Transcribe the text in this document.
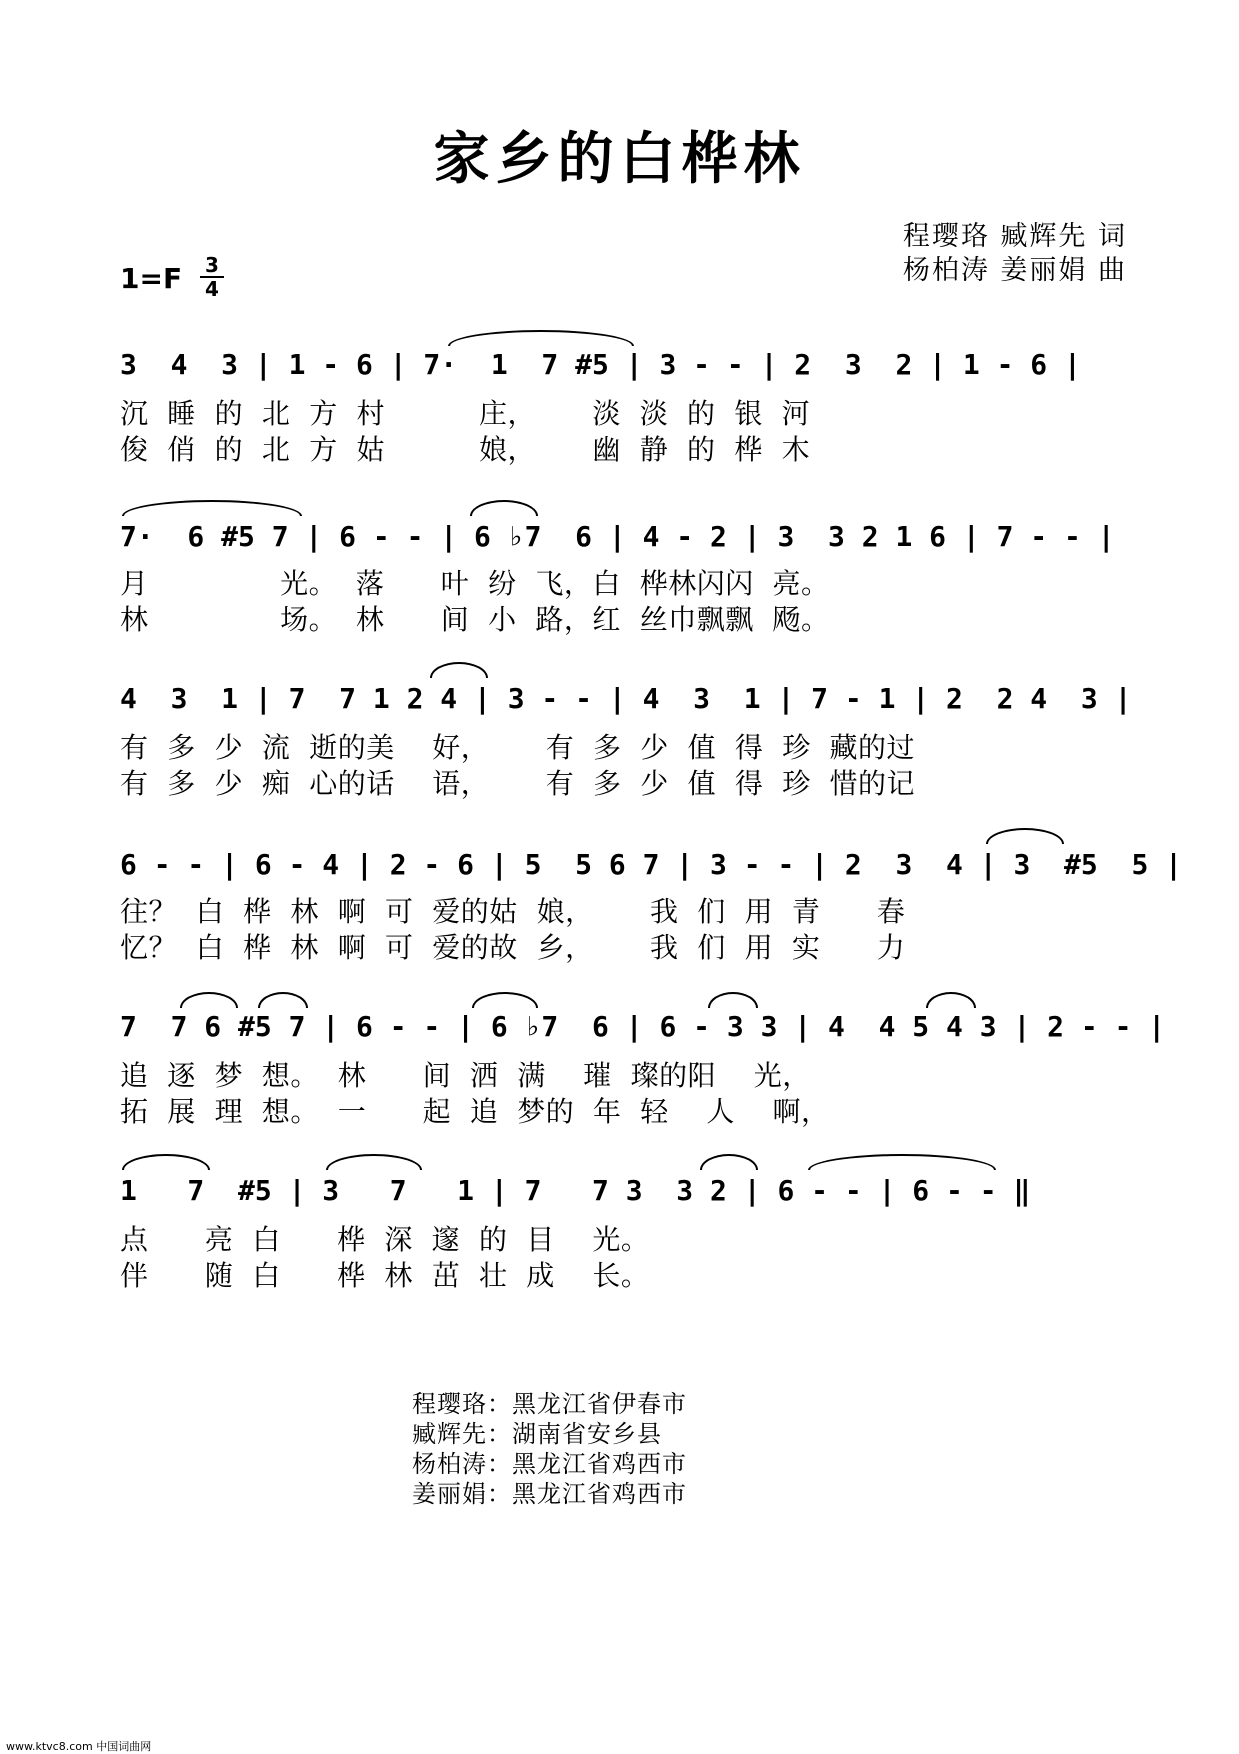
家乡的白桦林
程璎珞 臧辉先 词
杨柏涛 姜丽娟 曲
$1=F \frac{3}{4}$
3  4  3 | 1 - 6 | 7·  1  7 #5 | 3 - - | 2  3  2 | 1 - 6 |
沉  睡  的  北  方  村          庄，      淡  淡  的  银  河
俊  俏  的  北  方  姑          娘，      幽  静  的  桦  木
7·  6 #5 7 | 6 - - | 6 ♭7  6 | 4 - 2 | 3  3 2 1 6 | 7 - - |
月              光。  落      叶  纷  飞，白  桦林闪闪  亮。
林              场。  林      间  小  路，红  丝巾飘飘  飏。
4  3  1 | 7  7 1 2 4 | 3 - - | 4  3  1 | 7 - 1 | 2  2 4  3 |
有  多  少  流  逝的美    好，      有  多  少  值  得  珍  藏的过
有  多  少  痴  心的话    语，      有  多  少  值  得  珍  惜的记
6 - - | 6 - 4 | 2 - 6 | 5  5 6 7 | 3 - - | 2  3  4 | 3  #5  5 |
往？  白  桦  林  啊  可  爱的姑  娘，      我  们  用  青      春
忆？  白  桦  林  啊  可  爱的故  乡，      我  们  用  实      力
7  7 6 #5 7 | 6 - - | 6 ♭7  6 | 6 - 3 3 | 4  4 5 4 3 | 2 - - |
追  逐  梦  想。  林      间  洒  满    璀  璨的阳    光，
拓  展  理  想。  一      起  追  梦的  年  轻    人    啊，
1   7  #5 | 3   7   1 | 7   7 3  3 2 | 6 - - | 6 - - ‖
点      亮  白      桦  深  邃  的  目    光。
伴      随  白      桦  林  茁  壮  成    长。
程璎珞：黑龙江省伊春市
臧辉先：湖南省安乡县
杨柏涛：黑龙江省鸡西市
姜丽娟：黑龙江省鸡西市
www.ktvc8.com 中国词曲网
